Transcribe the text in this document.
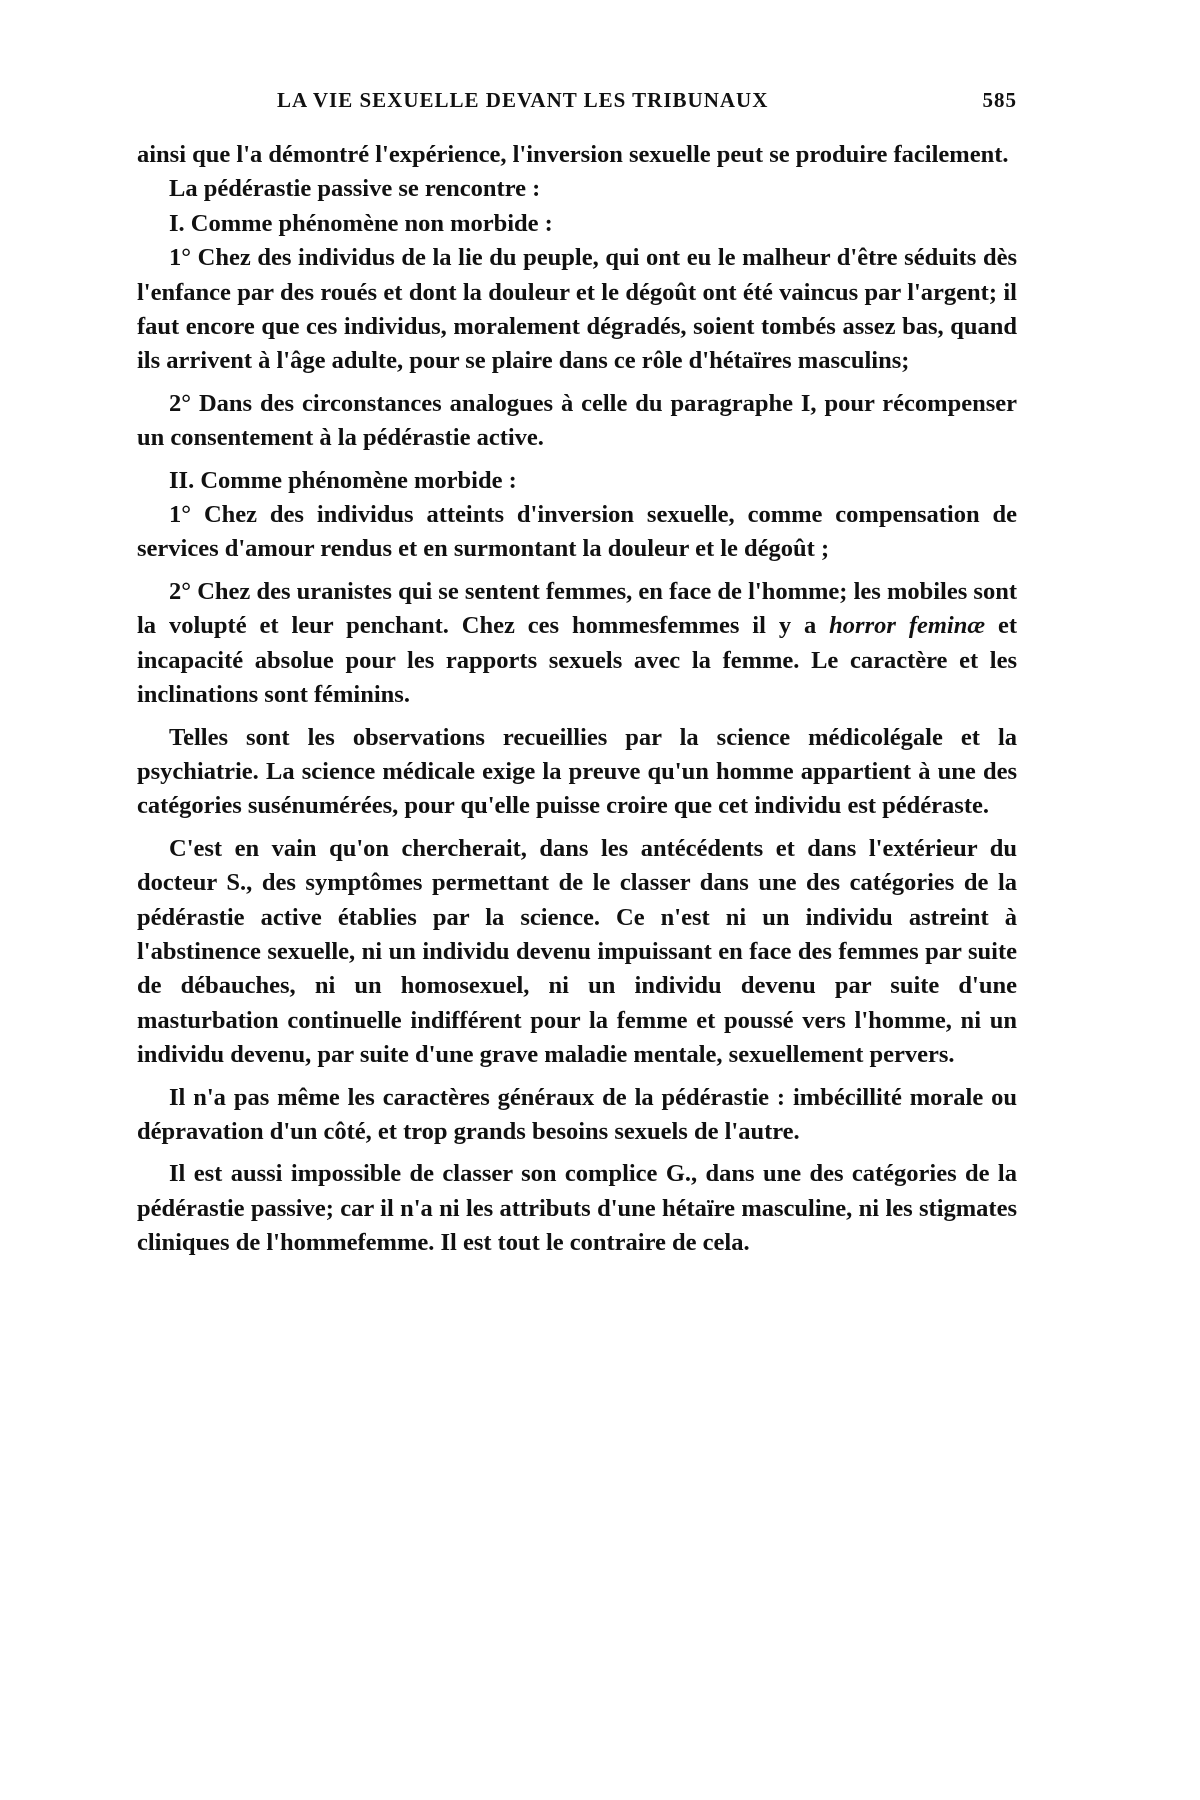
LA VIE SEXUELLE DEVANT LES TRIBUNAUX	585

ainsi que l'a démontré l'expérience, l'inversion sexuelle peut se produire facilement.

La pédérastie passive se rencontre :

I. Comme phénomène non morbide :

1° Chez des individus de la lie du peuple, qui ont eu le malheur d'être séduits dès l'enfance par des roués et dont la douleur et le dégoût ont été vaincus par l'argent; il faut encore que ces individus, moralement dégradés, soient tombés assez bas, quand ils arrivent à l'âge adulte, pour se plaire dans ce rôle d'hétaïres masculins;

2° Dans des circonstances analogues à celle du paragraphe I, pour récompenser un consentement à la pédérastie active.

II. Comme phénomène morbide :

1° Chez des individus atteints d'inversion sexuelle, comme compensation de services d'amour rendus et en surmontant la douleur et le dégoût ;

2° Chez des uranistes qui se sentent femmes, en face de l'homme; les mobiles sont la volupté et leur penchant. Chez ces hommesfemmes il y a horror feminæ et incapacité absolue pour les rapports sexuels avec la femme. Le caractère et les inclinations sont féminins.

Telles sont les observations recueillies par la science médicolégale et la psychiatrie. La science médicale exige la preuve qu'un homme appartient à une des catégories susénumérées, pour qu'elle puisse croire que cet individu est pédéraste.

C'est en vain qu'on chercherait, dans les antécédents et dans l'extérieur du docteur S., des symptômes permettant de le classer dans une des catégories de la pédérastie active établies par la science. Ce n'est ni un individu astreint à l'abstinence sexuelle, ni un individu devenu impuissant en face des femmes par suite de débauches, ni un homosexuel, ni un individu devenu par suite d'une masturbation continuelle indifférent pour la femme et poussé vers l'homme, ni un individu devenu, par suite d'une grave maladie mentale, sexuellement pervers.

Il n'a pas même les caractères généraux de la pédérastie : imbécillité morale ou dépravation d'un côté, et trop grands besoins sexuels de l'autre.

Il est aussi impossible de classer son complice G., dans une des catégories de la pédérastie passive; car il n'a ni les attributs d'une hétaïre masculine, ni les stigmates cliniques de l'hommefemme. Il est tout le contraire de cela.
